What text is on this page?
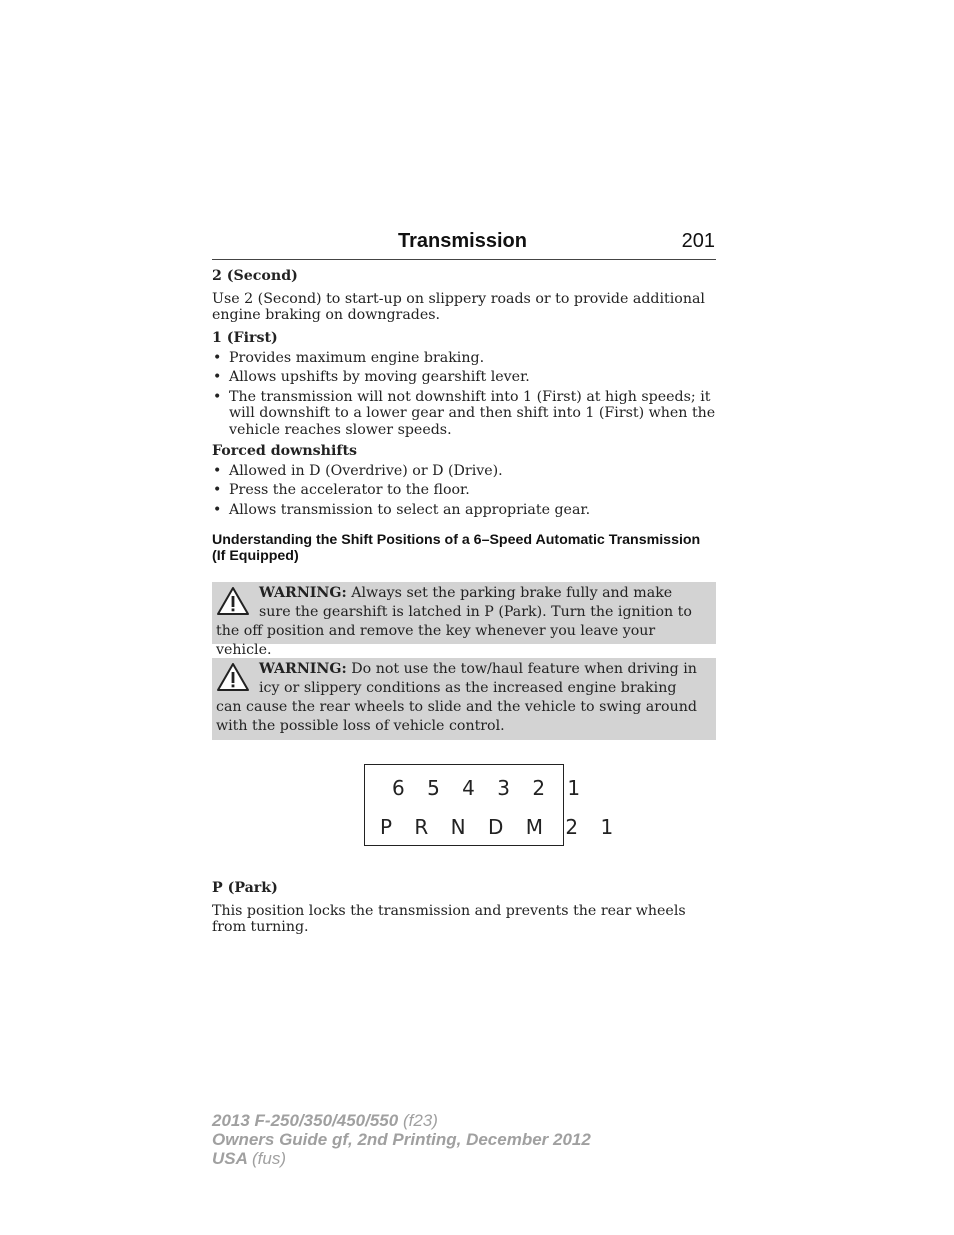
Transmission	201
2 (Second)

Use 2 (Second) to start-up on slippery roads or to provide additional engine braking on downgrades.

1 (First)
• Provides maximum engine braking.
• Allows upshifts by moving gearshift lever.
• The transmission will not downshift into 1 (First) at high speeds; it will downshift to a lower gear and then shift into 1 (First) when the vehicle reaches slower speeds.
Forced downshifts
• Allowed in D (Overdrive) or D (Drive).
• Press the accelerator to the floor.
• Allows transmission to select an appropriate gear.
Understanding the Shift Positions of a 6–Speed Automatic Transmission (If Equipped)
WARNING: Always set the parking brake fully and make sure the gearshift is latched in P (Park). Turn the ignition to the off position and remove the key whenever you leave your vehicle.
WARNING: Do not use the tow/haul feature when driving in icy or slippery conditions as the increased engine braking can cause the rear wheels to slide and the vehicle to swing around with the possible loss of vehicle control.
6 5 4 3 2 1
P R N D M 2 1
P (Park)

This position locks the transmission and prevents the rear wheels from turning.

2013 F-250/350/450/550 (f23)
Owners Guide gf, 2nd Printing, December 2012
USA (fus)
